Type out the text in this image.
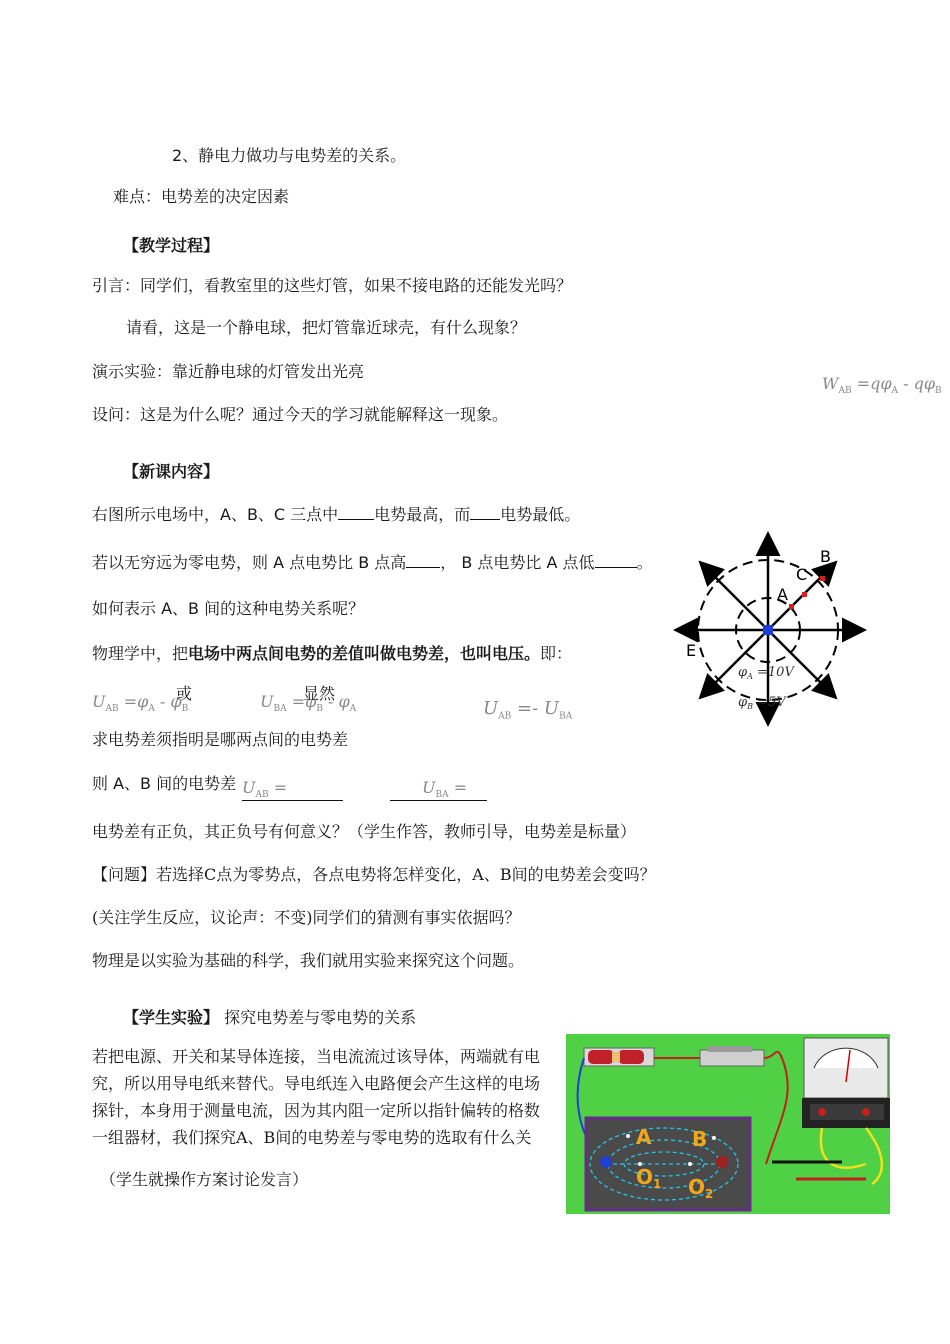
2、静电力做功与电势差的关系。
难点：电势差的决定因素
【教学过程】
引言：同学们，看教室里的这些灯管，如果不接电路的还能发光吗？
请看，这是一个静电球，把灯管靠近球壳，有什么现象？
演示实验：靠近静电球的灯管发出光亮
设问：这是为什么呢？通过今天的学习就能解释这一现象。
$W_{AB} =q\varphi_A - q\varphi_B$
【新课内容】
右图所示电场中，A、B、C 三点中 电势最高，而 电势最低。
若以无穷远为零电势，则 A 点电势比 B 点高 ， B 点电势比 A 点低	。
如何表示 A、B 间的这种电势关系呢？
物理学中，把电场中两点间电势的差值叫做电势差，也叫电压。即：
$U_{AB} =\varphi_A - \varphi_B$
或	$U_{BA} =\varphi_B - \varphi_A$
显然
$U_{AB} =- U_{BA}$
求电势差须指明是哪两点间的电势差
则 A、B 间的电势差 $U_{AB}$ =	$U_{BA}$ =
电势差有正负，其正负号有何意义？（学生作答，教师引导，电势差是标量）
【问题】若选择C点为零势点，各点电势将怎样变化，A、B间的电势差会变吗？
(关注学生反应，议论声：不变)同学们的猜测有事实依据吗？
物理是以实验为基础的科学，我们就用实验来探究这个问题。
【学生实验】 探究电势差与零电势的关系
若把电源、开关和某导体连接，当电流流过该导体，两端就有电
究，所以用导电纸来替代。导电纸连入电路便会产生这样的电场
探针，本身用于测量电流，因为其内阻一定所以指针偏转的格数
一组器材，我们探究A、B间的电势差与零电势的选取有什么关
（学生就操作方案讨论发言）
B
C
A
E
$\varphi_A =10V$
$\varphi_B =5V$
A B
$O_1$ $O_2$
